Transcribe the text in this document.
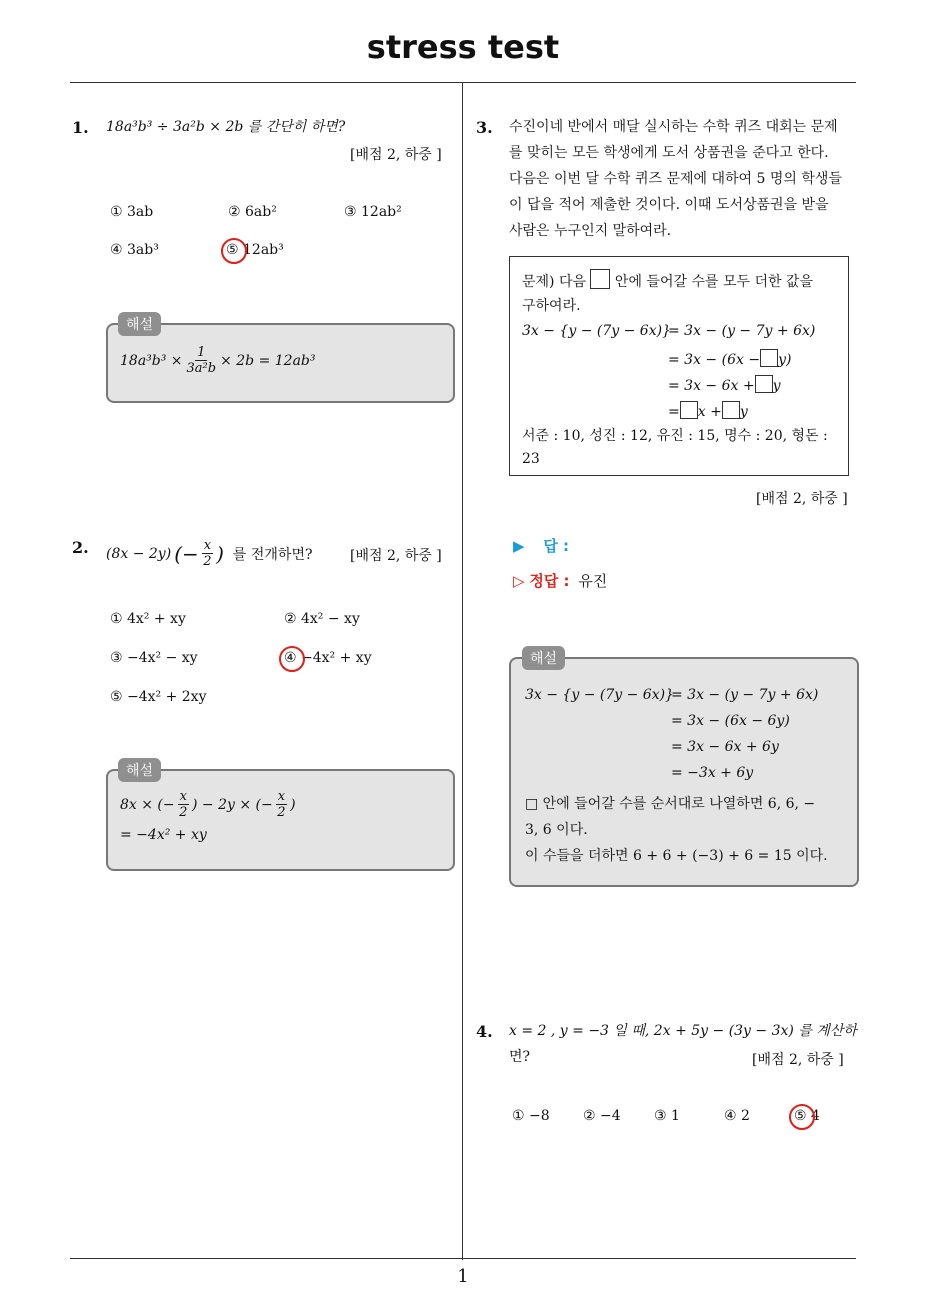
stress test
1
1. 18a³b³ ÷ 3a²b × 2b 를 간단히 하면?
[배점 2, 하중 ]
① 3ab	② 6ab²	③ 12ab²
④ 3ab³	⑤ 12ab³
$18a^3b^3 \times \frac{1}{\text{3a²b}} \times 2b = 12ab^3$
해설
2. (8x − 2y) (− $\frac{x}{2}$ ) 를 전개하면?	[배점 2, 하중 ]
① 4x² + xy	② 4x² − xy
③ −4x² − xy	④ −4x² + xy
⑤ −4x² + 2xy
8x × (− $\frac{x}{2}$ ) − 2y × (− $\frac{x}{2}$ )
= −4x² + xy
해설
3. 수진이네 반에서 매달 실시하는 수학 퀴즈 대회는 문제
를 맞히는 모든 학생에게 도서 상품권을 준다고 한다.
다음은 이번 달 수학 퀴즈 문제에 대하여 5 명의 학생들
이 답을 적어 제출한 것이다. 이때 도서상품권을 받을
사람은 누구인지 말하여라.
문제) 다음 안에 들어갈 수를 모두 더한 값을
구하여라.
3x − {y − (7y − 6x)}
= 3x − (y − 7y + 6x)
= 3x − (6x − y)
= 3x − 6x + y
= x + y
서준 : 10, 성진 : 12, 유진 : 15, 명수 : 20, 형돈 :
23
[배점 2, 하중 ]
▶ 답 :
▷ 정답 : 유진
3x − {y − (7y − 6x)}
= 3x − (y − 7y + 6x)
= 3x − (6x − 6y)
= 3x − 6x + 6y
= −3x + 6y
□ 안에 들어갈 수를 순서대로 나열하면 6, 6, −
3, 6 이다.
이 수들을 더하면 6 + 6 + (−3) + 6 = 15 이다.
해설
4. x = 2 , y = −3 일 때, 2x + 5y − (3y − 3x) 를 계산하
면?	[배점 2, 하중 ]
① −8 ② −4 ③ 1	④ 2	⑤ 4
